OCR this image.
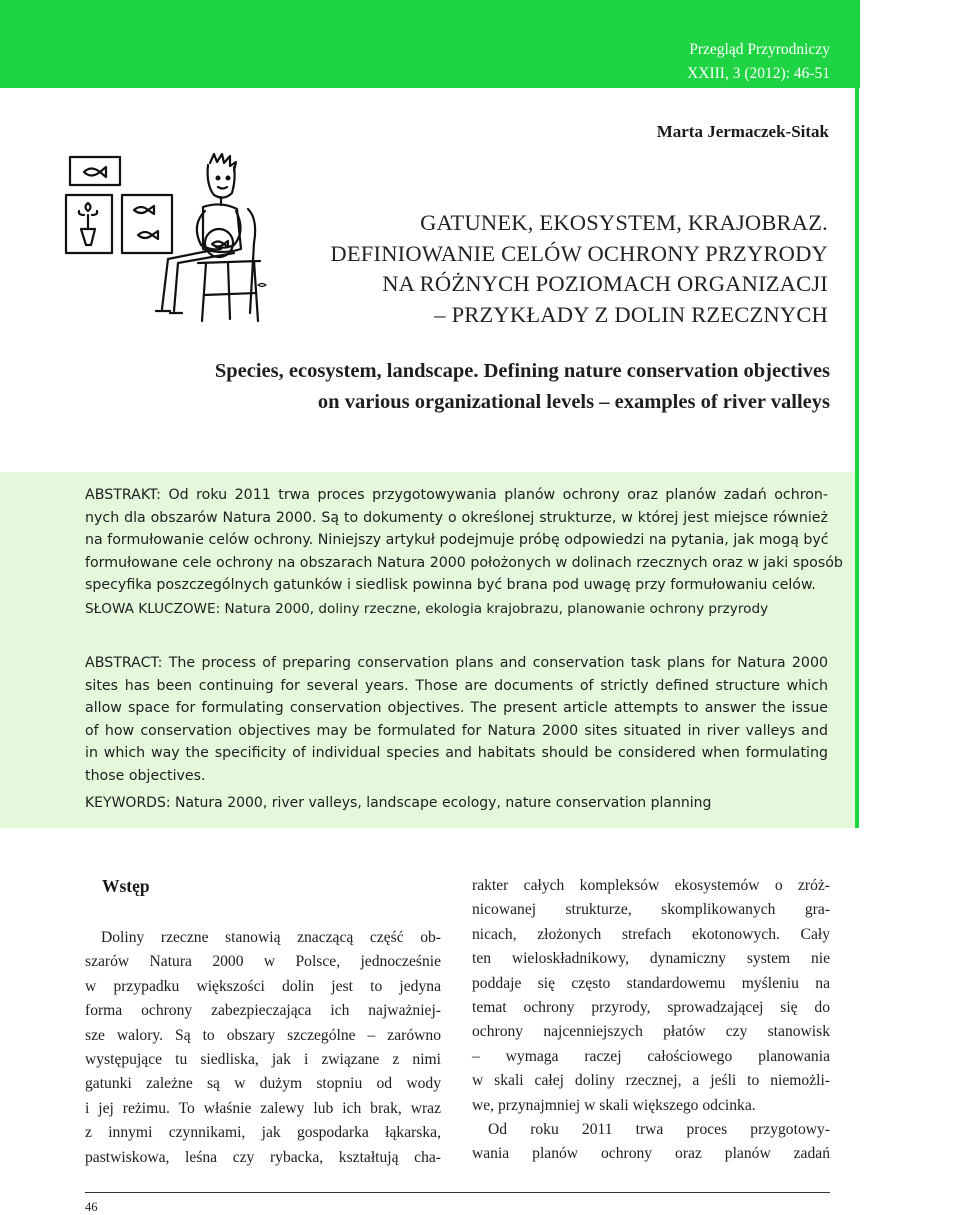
Przegląd Przyrodniczy
XXIII, 3 (2012): 46-51
Marta Jermaczek-Sitak
GATUNEK, EKOSYSTEM, KRAJOBRAZ.
DEFINIOWANIE CELÓW OCHRONY PRZYRODY
NA RÓŻNYCH POZIOMACH ORGANIZACJI
– PRZYKŁADY Z DOLIN RZECZNYCH
Species, ecosystem, landscape. Defining nature conservation objectives
on various organizational levels – examples of river valleys
ABSTRAKT: Od roku 2011 trwa proces przygotowywania planów ochrony oraz planów zadań ochron-
nych dla obszarów Natura 2000. Są to dokumenty o określonej strukturze, w której jest miejsce również
na formułowanie celów ochrony. Niniejszy artykuł podejmuje próbę odpowiedzi na pytania, jak mogą być
formułowane cele ochrony na obszarach Natura 2000 położonych w dolinach rzecznych oraz w jaki sposób
specyfika poszczególnych gatunków i siedlisk powinna być brana pod uwagę przy formułowaniu celów.
SŁOWA KLUCZOWE: Natura 2000, doliny rzeczne, ekologia krajobrazu, planowanie ochrony przyrody
ABSTRACT: The process of preparing conservation plans and conservation task plans for Natura 2000
sites has been continuing for several years. Those are documents of strictly defined structure which
allow space for formulating conservation objectives. The present article attempts to answer the issue
of how conservation objectives may be formulated for Natura 2000 sites situated in river valleys and
in which way the specificity of individual species and habitats should be considered when formulating
those objectives.
KEYWORDS: Natura 2000, river valleys, landscape ecology, nature conservation planning
Wstęp
Doliny rzeczne stanowią znaczącą część ob-
szarów Natura 2000 w Polsce, jednocześnie
w przypadku większości dolin jest to jedyna
forma ochrony zabezpieczająca ich najważniej-
sze walory. Są to obszary szczególne – zarówno
występujące tu siedliska, jak i związane z nimi
gatunki zależne są w dużym stopniu od wody
i jej reżimu. To właśnie zalewy lub ich brak, wraz
z innymi czynnikami, jak gospodarka łąkarska,
pastwiskowa, leśna czy rybacka, kształtują cha-
rakter całych kompleksów ekosystemów o zróż-
nicowanej strukturze, skomplikowanych gra-
nicach, złożonych strefach ekotonowych. Cały
ten wieloskładnikowy, dynamiczny system nie
poddaje się często standardowemu myśleniu na
temat ochrony przyrody, sprowadzającej się do
ochrony najcenniejszych płatów czy stanowisk
– wymaga raczej całościowego planowania
w skali całej doliny rzecznej, a jeśli to niemożli-
we, przynajmniej w skali większego odcinka.
Od roku 2011 trwa proces przygotowy-
wania planów ochrony oraz planów zadań
46
